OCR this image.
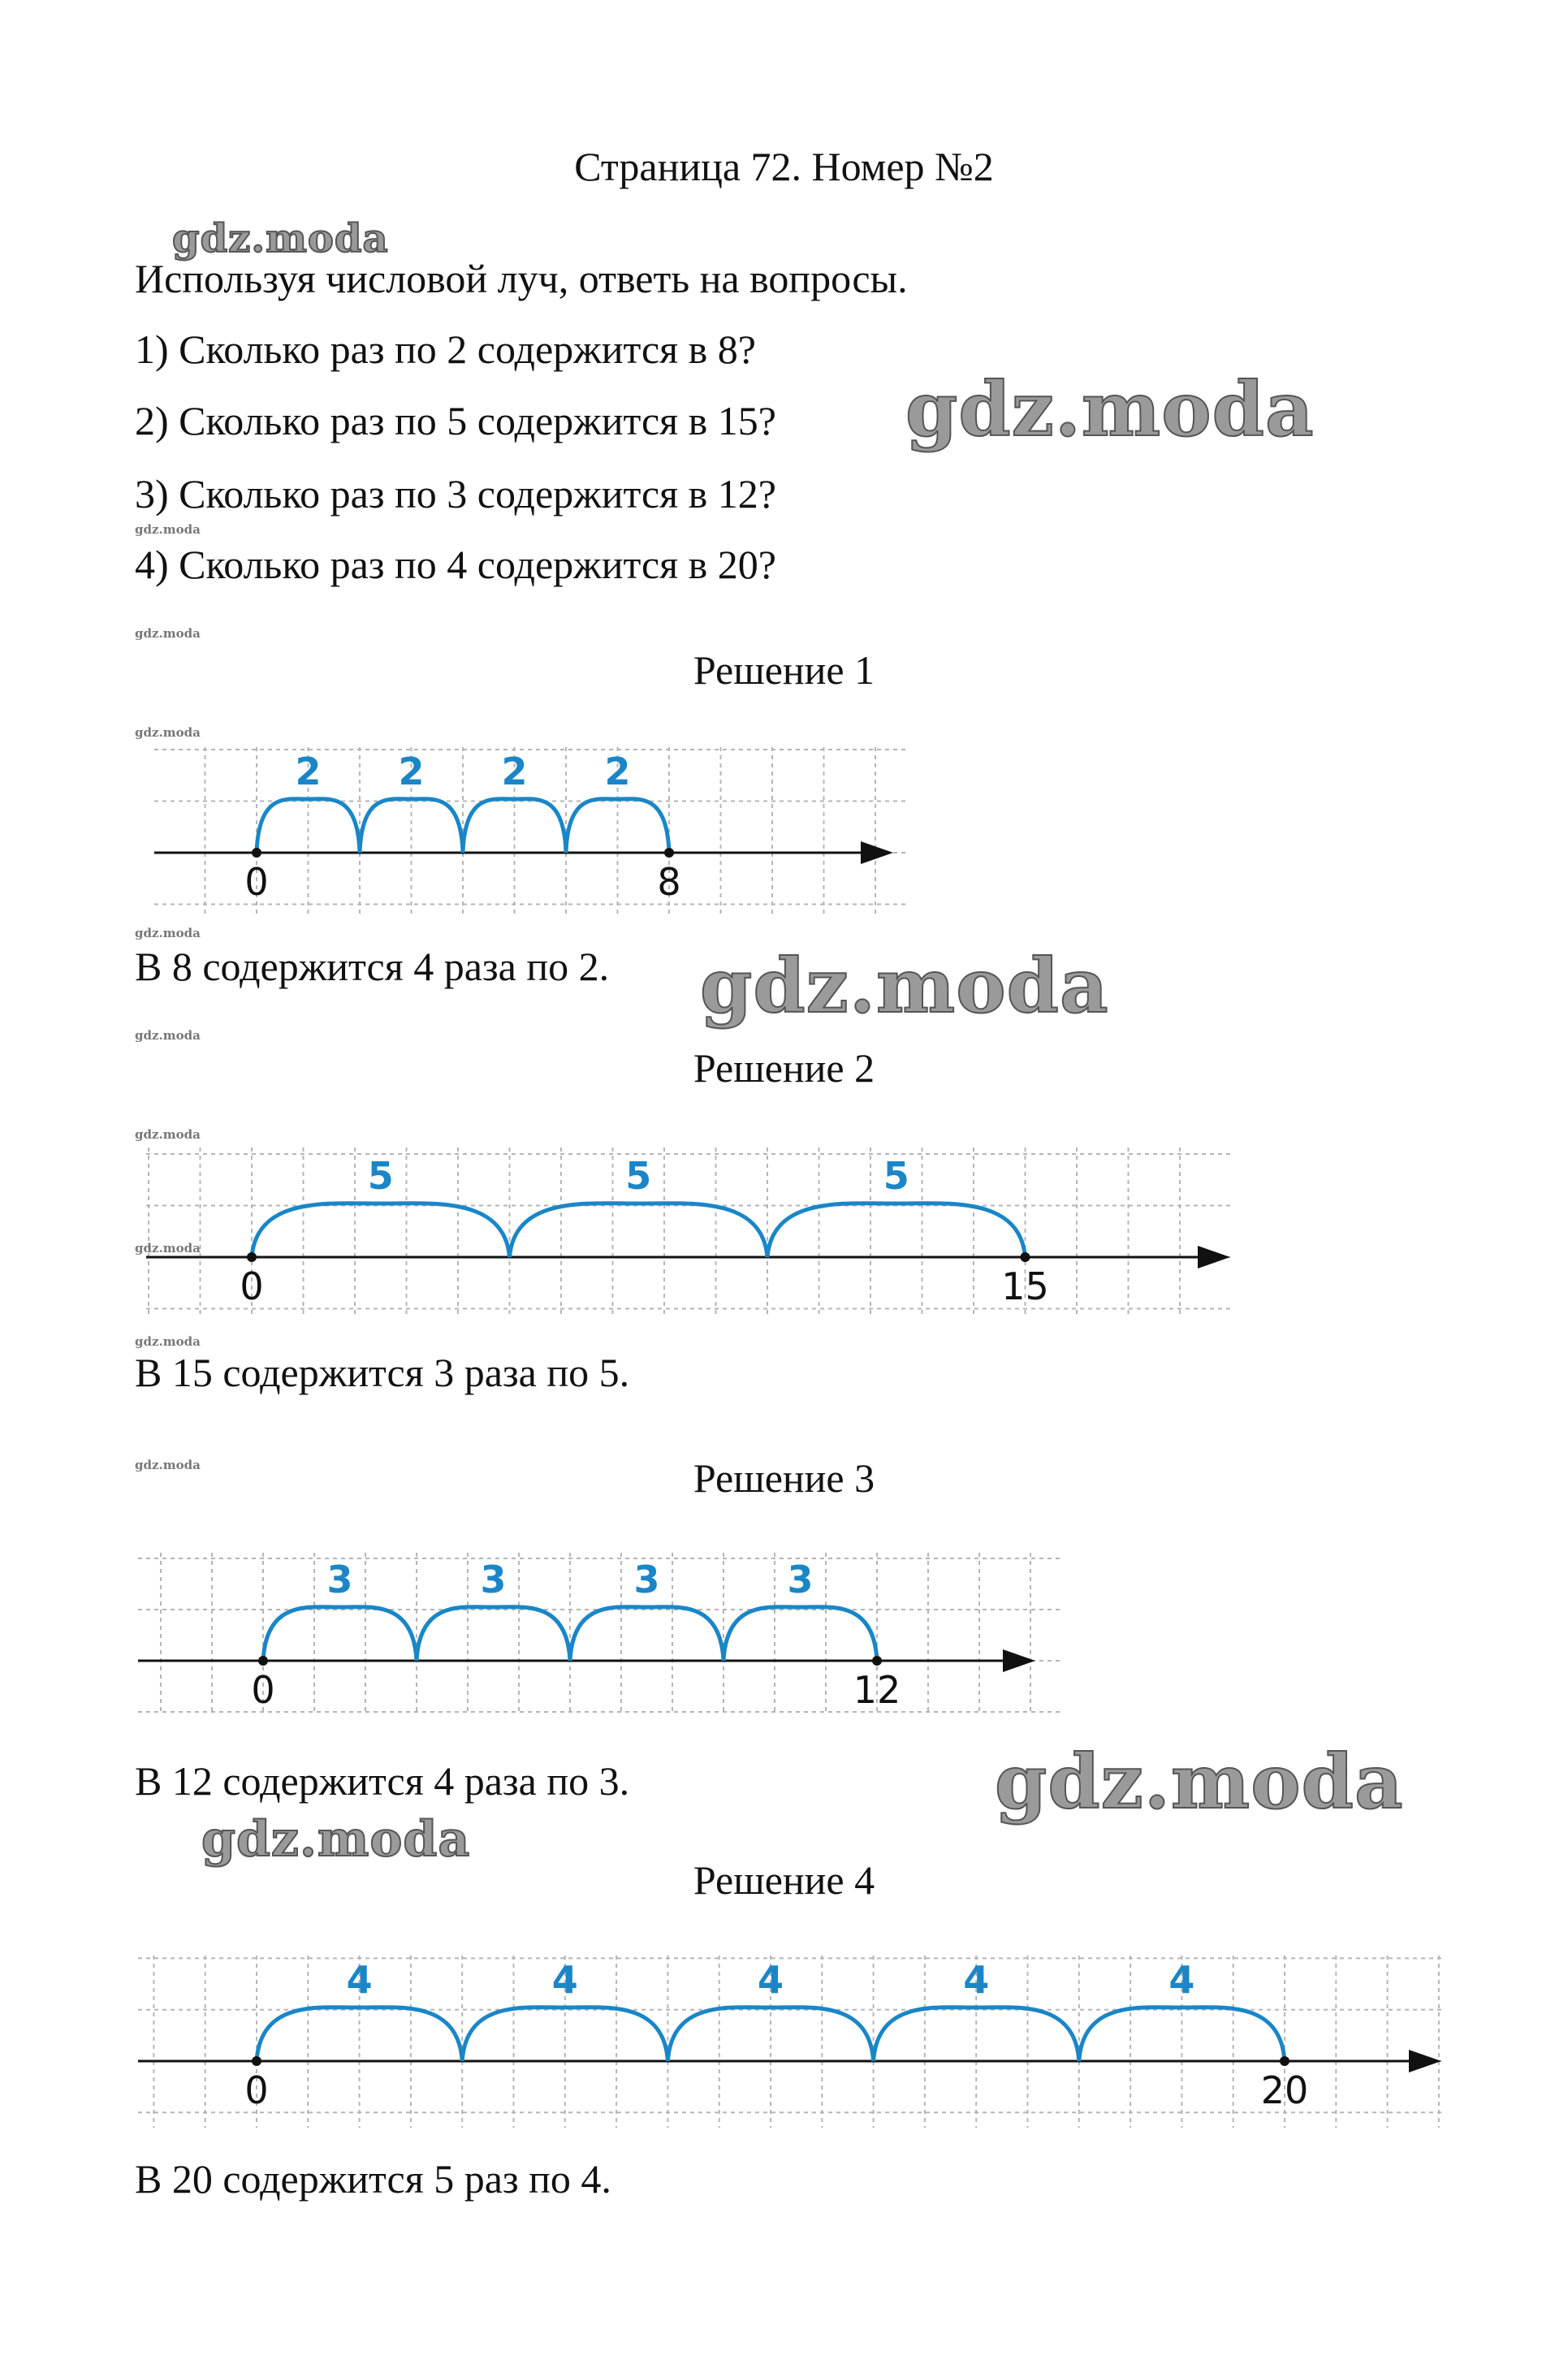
Страница 72. Номер №2
Используя числовой луч, ответь на вопросы.
1) Сколько раз по 2 содержится в 8?
2) Сколько раз по 5 содержится в 15?
3) Сколько раз по 3 содержится в 12?
4) Сколько раз по 4 содержится в 20?
Решение 1
2 2 2 2
0	8
В 8 содержится 4 раза по 2.
Решение 2
5	5	5
0	15
В 15 содержится 3 раза по 5.
Решение 3
3	3	3	3
0	12
В 12 содержится 4 раза по 3.
Решение 4
4	4	4	4	4
0	20
В 20 содержится 5 раз по 4.
gdz.moda
gdz.moda
gdz.moda
gdz.moda
gdz.moda
gdz.moda
gdz.moda
gdz.moda
gdz.moda
gdz.moda
gdz.moda
gdz.moda
gdz.moda
gdz.moda
